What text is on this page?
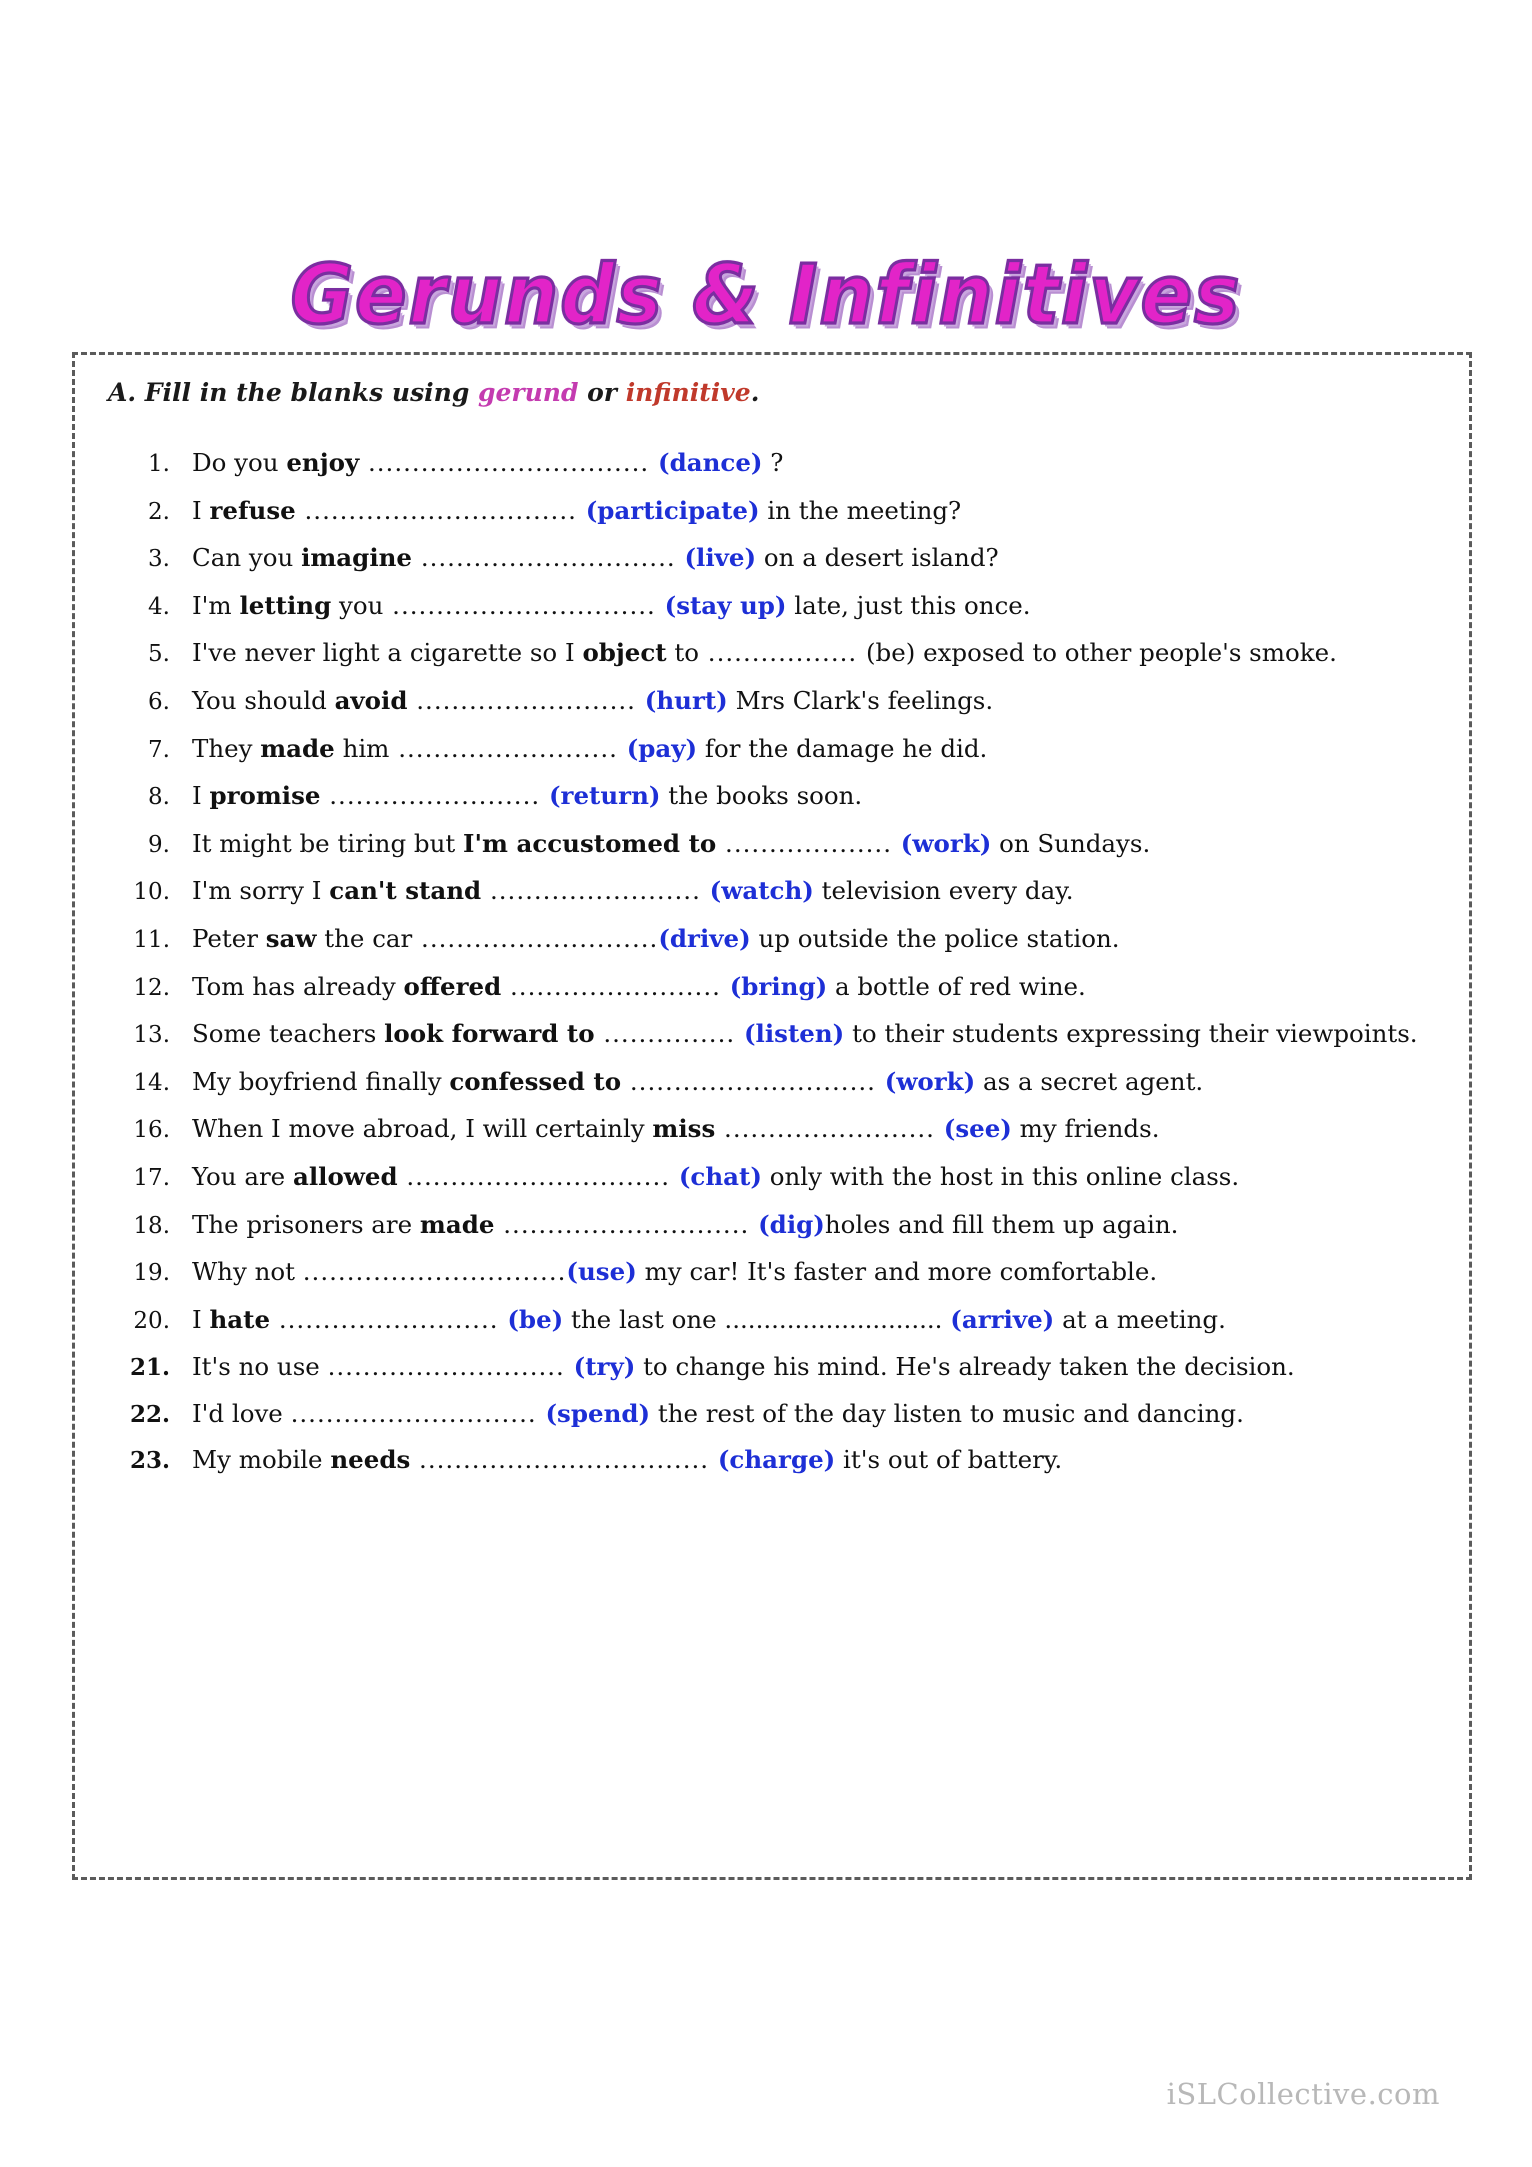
Gerunds & Infinitives
A. Fill in the blanks using gerund or infinitive.
1. Do you enjoy ................................ (dance) ?
2. I refuse ............................... (participate) in the meeting?
3. Can you imagine ............................. (live) on a desert island?
4. I'm letting you .............................. (stay up) late, just this once.
5. I've never light a cigarette so I object to ................. (be) exposed to other people's smoke.
6. You should avoid ......................... (hurt) Mrs Clark's feelings.
7. They made him ......................... (pay) for the damage he did.
8. I promise ........................ (return) the books soon.
9. It might be tiring but I'm accustomed to ................... (work) on Sundays.
10. I'm sorry I can't stand ........................ (watch) television every day.
11. Peter saw the car ...........................(drive) up outside the police station.
12. Tom has already offered ........................ (bring) a bottle of red wine.
13. Some teachers look forward to ............... (listen) to their students expressing their viewpoints.
14. My boyfriend finally confessed to ............................ (work) as a secret agent.
16. When I move abroad, I will certainly miss ........................ (see) my friends.
17. You are allowed .............................. (chat) only with the host in this online class.
18. The prisoners are made ............................ (dig)holes and fill them up again.
19. Why not ..............................(use) my car! It's faster and more comfortable.
20. I hate ......................... (be) the last one ............................ (arrive) at a meeting.
21. It's no use ........................... (try) to change his mind. He's already taken the decision.
22. I'd love ............................ (spend) the rest of the day listen to music and dancing.
23. My mobile needs ................................. (charge) it's out of battery.
iSLCollective.com
